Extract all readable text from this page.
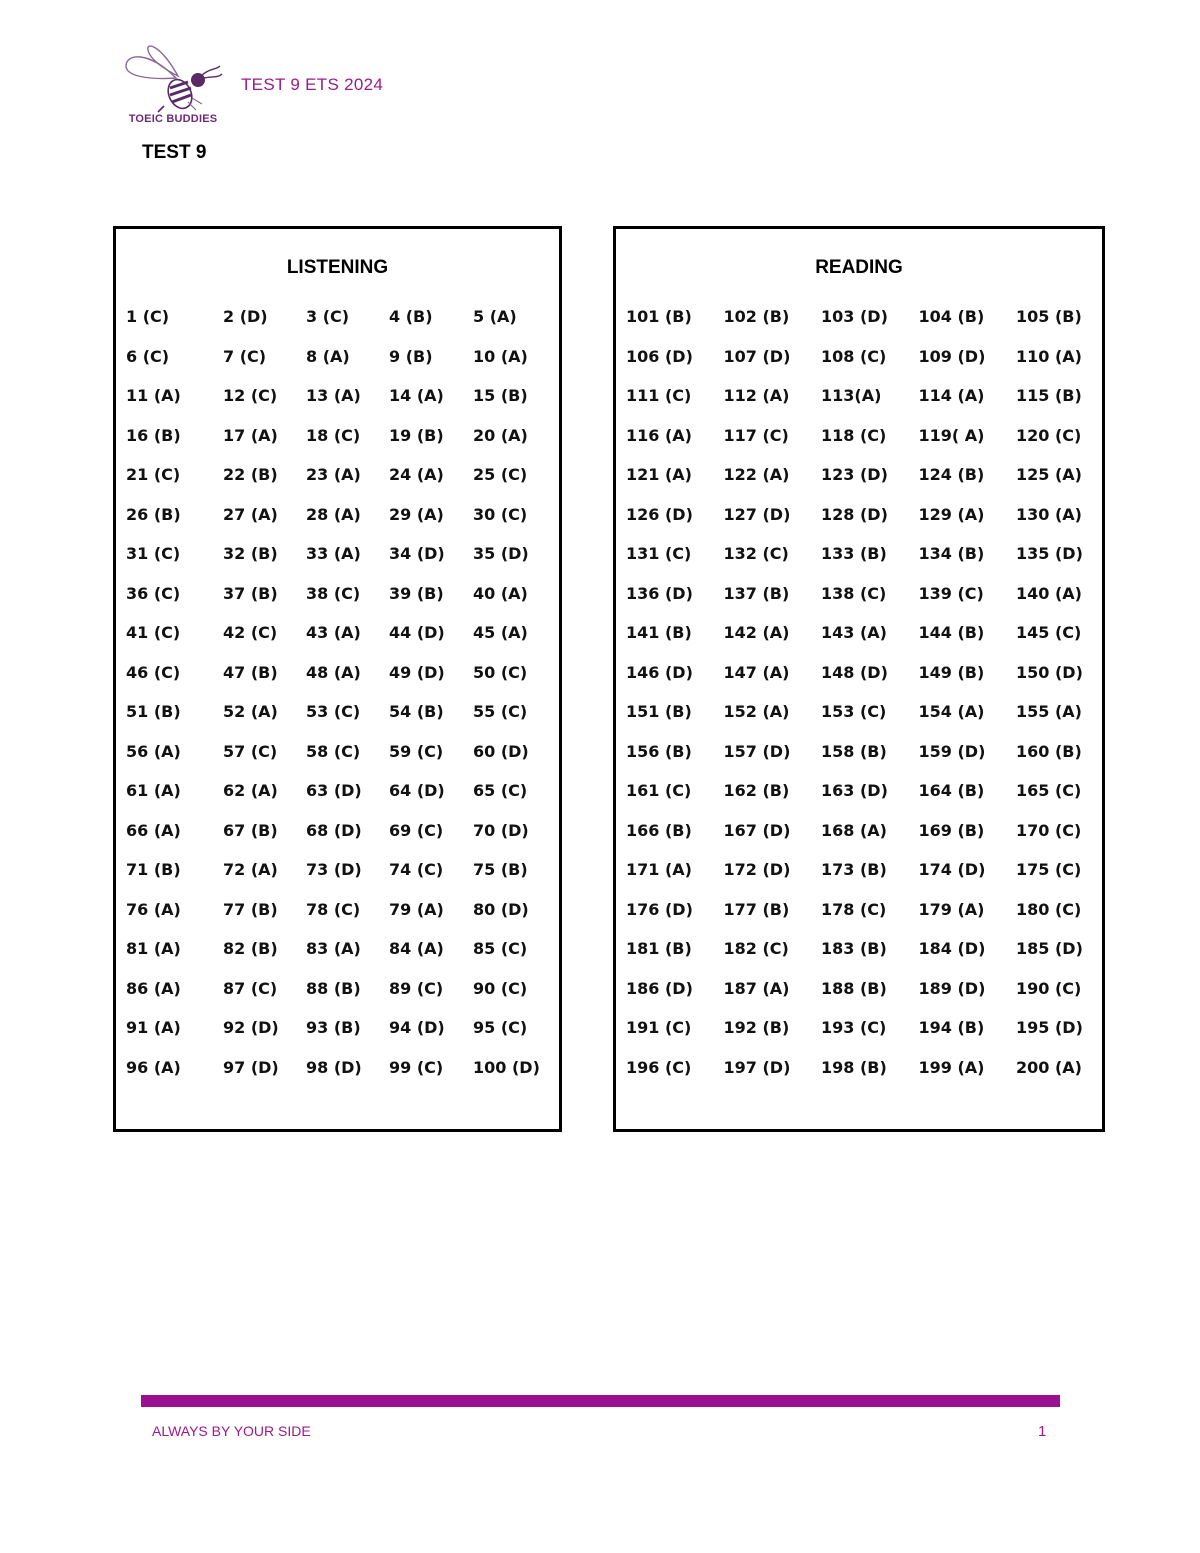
TOEIC BUDDIES
TEST 9 ETS 2024
TEST 9
LISTENING
1 (C)	2 (D)	3 (C)	4 (B)	5 (A)
6 (C)	7 (C)	8 (A)	9 (B)	10 (A)
11 (A)	12 (C)	13 (A)	14 (A)	15 (B)
16 (B)	17 (A)	18 (C)	19 (B)	20 (A)
21 (C)	22 (B)	23 (A)	24 (A)	25 (C)
26 (B)	27 (A)	28 (A)	29 (A)	30 (C)
31 (C)	32 (B)	33 (A)	34 (D)	35 (D)
36 (C)	37 (B)	38 (C)	39 (B)	40 (A)
41 (C)	42 (C)	43 (A)	44 (D)	45 (A)
46 (C)	47 (B)	48 (A)	49 (D)	50 (C)
51 (B)	52 (A)	53 (C)	54 (B)	55 (C)
56 (A)	57 (C)	58 (C)	59 (C)	60 (D)
61 (A)	62 (A)	63 (D)	64 (D)	65 (C)
66 (A)	67 (B)	68 (D)	69 (C)	70 (D)
71 (B)	72 (A)	73 (D)	74 (C)	75 (B)
76 (A)	77 (B)	78 (C)	79 (A)	80 (D)
81 (A)	82 (B)	83 (A)	84 (A)	85 (C)
86 (A)	87 (C)	88 (B)	89 (C)	90 (C)
91 (A)	92 (D)	93 (B)	94 (D)	95 (C)
96 (A)	97 (D)	98 (D)	99 (C)	100 (D)
READING
101 (B)	102 (B)	103 (D)	104 (B)	105 (B)
106 (D)	107 (D)	108 (C)	109 (D)	110 (A)
111 (C)	112 (A)	113(A)	114 (A)	115 (B)
116 (A)	117 (C)	118 (C)	119( A)	120 (C)
121 (A)	122 (A)	123 (D)	124 (B)	125 (A)
126 (D)	127 (D)	128 (D)	129 (A)	130 (A)
131 (C)	132 (C)	133 (B)	134 (B)	135 (D)
136 (D)	137 (B)	138 (C)	139 (C)	140 (A)
141 (B)	142 (A)	143 (A)	144 (B)	145 (C)
146 (D)	147 (A)	148 (D)	149 (B)	150 (D)
151 (B)	152 (A)	153 (C)	154 (A)	155 (A)
156 (B)	157 (D)	158 (B)	159 (D)	160 (B)
161 (C)	162 (B)	163 (D)	164 (B)	165 (C)
166 (B)	167 (D)	168 (A)	169 (B)	170 (C)
171 (A)	172 (D)	173 (B)	174 (D)	175 (C)
176 (D)	177 (B)	178 (C)	179 (A)	180 (C)
181 (B)	182 (C)	183 (B)	184 (D)	185 (D)
186 (D)	187 (A)	188 (B)	189 (D)	190 (C)
191 (C)	192 (B)	193 (C)	194 (B)	195 (D)
196 (C)	197 (D)	198 (B)	199 (A)	200 (A)
ALWAYS BY YOUR SIDE	1
